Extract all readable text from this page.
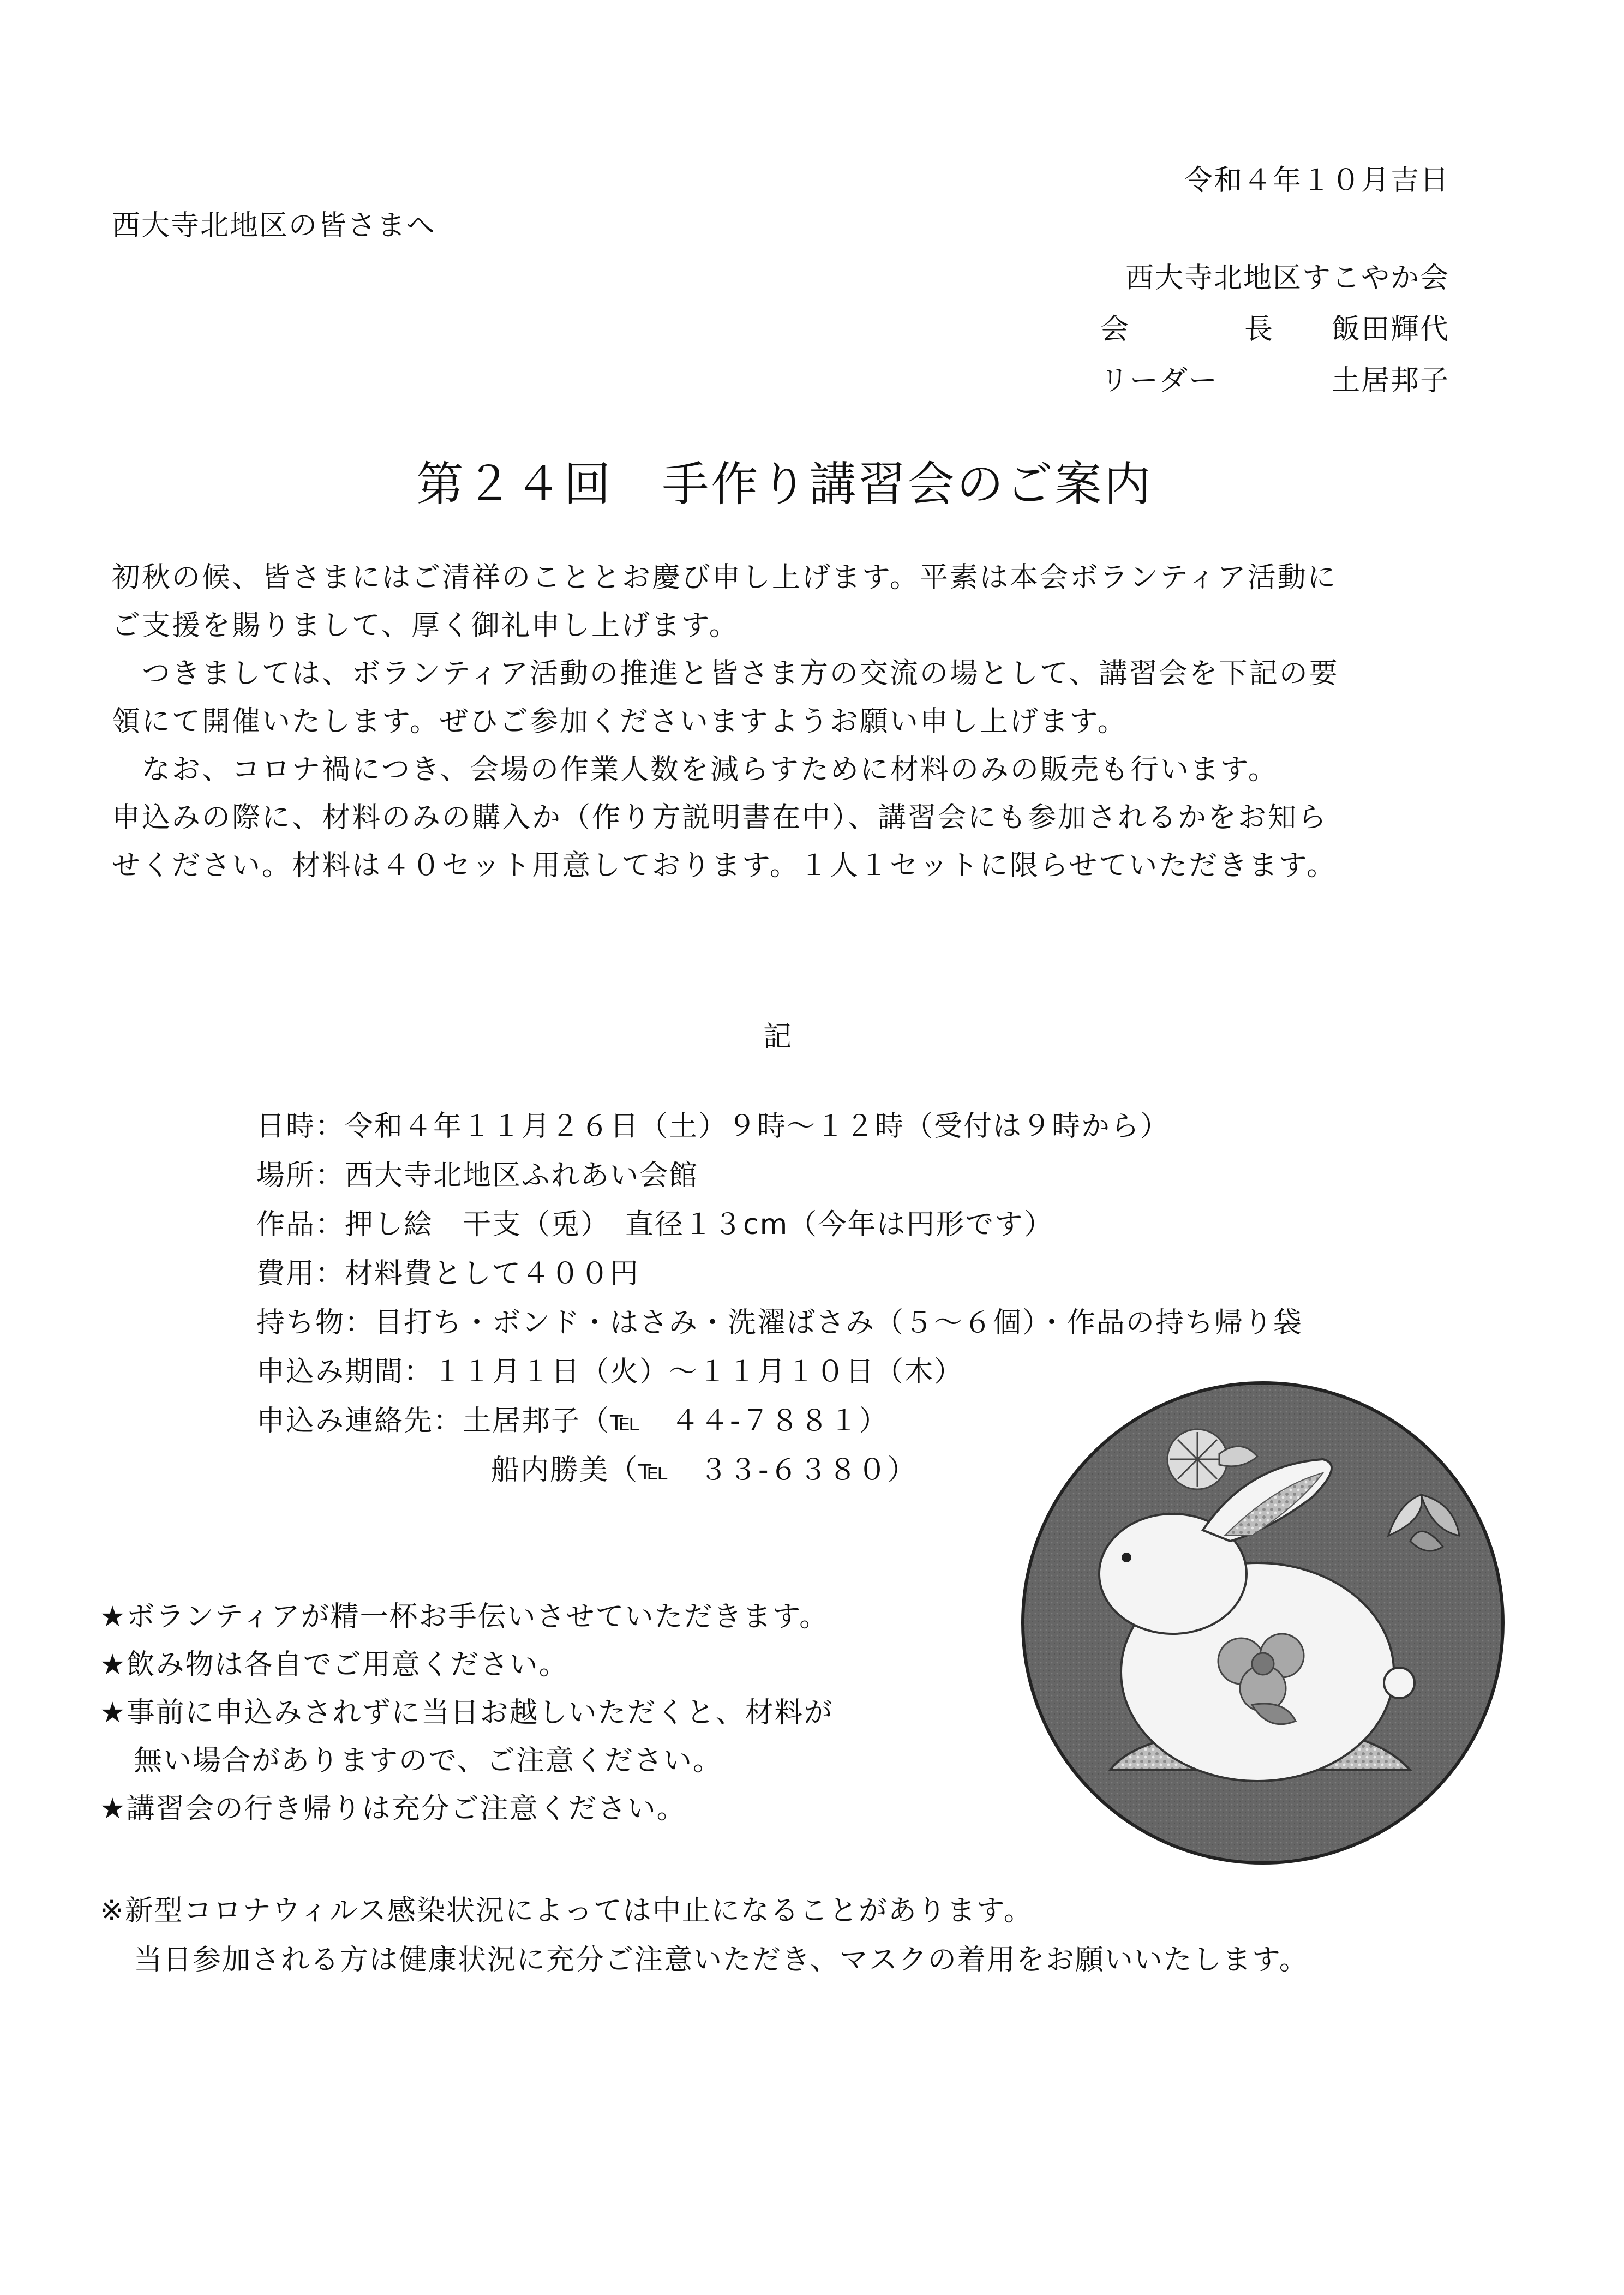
令和４年１０月吉日
西大寺北地区の皆さまへ
西大寺北地区すこやか会
会　長 飯田輝代
リーダー	土居邦子
第２４回　手作り講習会のご案内

初秋の候、皆さまにはご清祥のこととお慶び申し上げます。平素は本会ボランティア活動に

ご支援を賜りまして、厚く御礼申し上げます。

　つきましては、ボランティア活動の推進と皆さま方の交流の場として、講習会を下記の要

領にて開催いたします。ぜひご参加くださいますようお願い申し上げます。

　なお、コロナ禍につき、会場の作業人数を減らすために材料のみの販売も行います。

申込みの際に、材料のみの購入か（作り方説明書在中）、講習会にも参加されるかをお知ら

せください。材料は４０セット用意しております。１人１セットに限らせていただきます。

記
日時：令和４年１１月２６日（土）９時～１２時（受付は９時から）
場所：西大寺北地区ふれあい会館
作品：押し絵　干支（兎）　直径１３cm（今年は円形です）
費用：材料費として４００円
持ち物：目打ち・ボンド・はさみ・洗濯ばさみ（５～６個）・作品の持ち帰り袋
申込み期間：１１月１日（火）～１１月１０日（木）
申込み連絡先：土居邦子（℡　４４-７８８１）
船内勝美（℡　３３-６３８０）
★ボランティアが精一杯お手伝いさせていただきます。
★飲み物は各自でご用意ください。
★事前に申込みされずに当日お越しいただくと、材料が
無い場合がありますので、ご注意ください。
★講習会の行き帰りは充分ご注意ください。
※新型コロナウィルス感染状況によっては中止になることがあります。
当日参加される方は健康状況に充分ご注意いただき、マスクの着用をお願いいたします。
